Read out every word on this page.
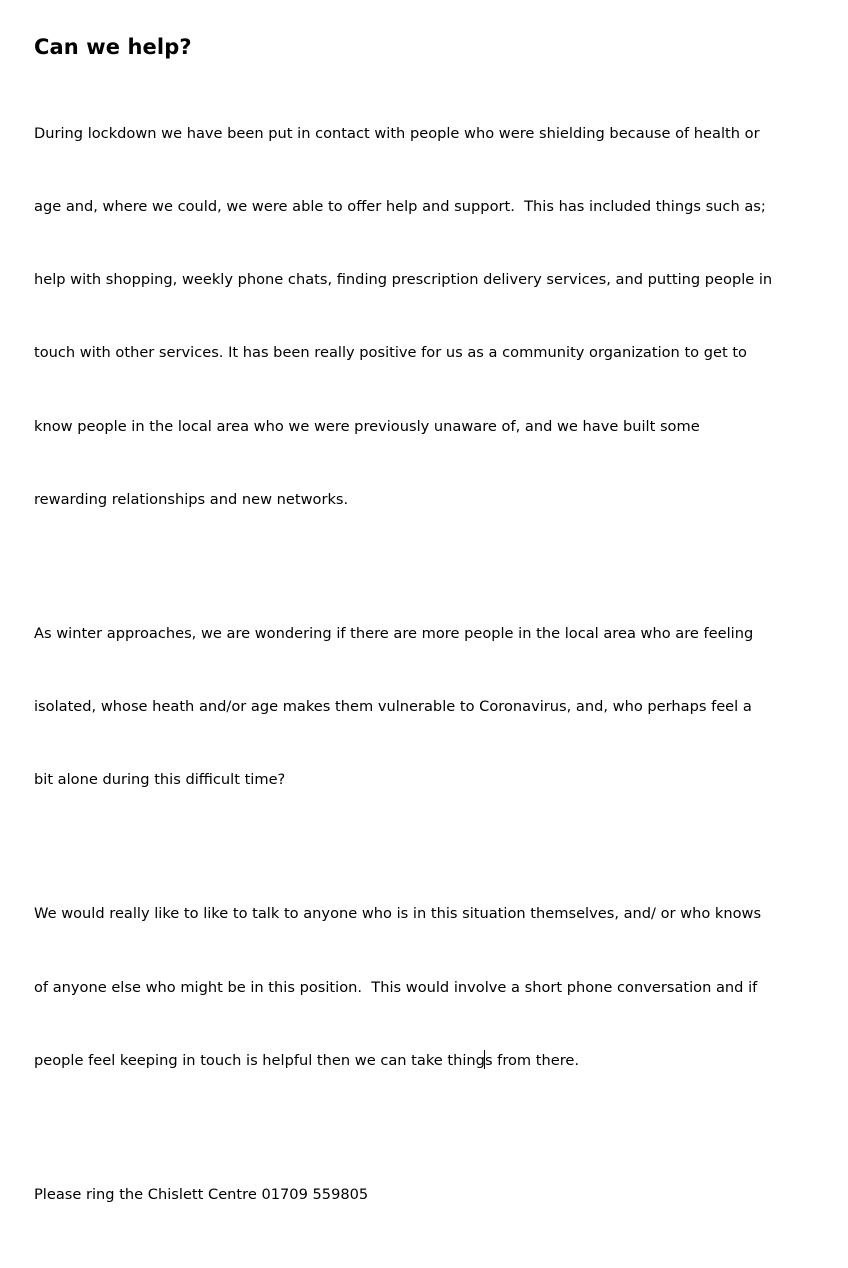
Can we help?

During lockdown we have been put in contact with people who were shielding because of health or

age and, where we could, we were able to offer help and support.  This has included things such as;

help with shopping, weekly phone chats, finding prescription delivery services, and putting people in

touch with other services. It has been really positive for us as a community organization to get to

know people in the local area who we were previously unaware of, and we have built some

rewarding relationships and new networks.

As winter approaches, we are wondering if there are more people in the local area who are feeling

isolated, whose heath and/or age makes them vulnerable to Coronavirus, and, who perhaps feel a

bit alone during this difficult time?

We would really like to like to talk to anyone who is in this situation themselves, and/ or who knows

of anyone else who might be in this position.  This would involve a short phone conversation and if

people feel keeping in touch is helpful then we can take things from there.

Please ring the Chislett Centre 01709 559805
